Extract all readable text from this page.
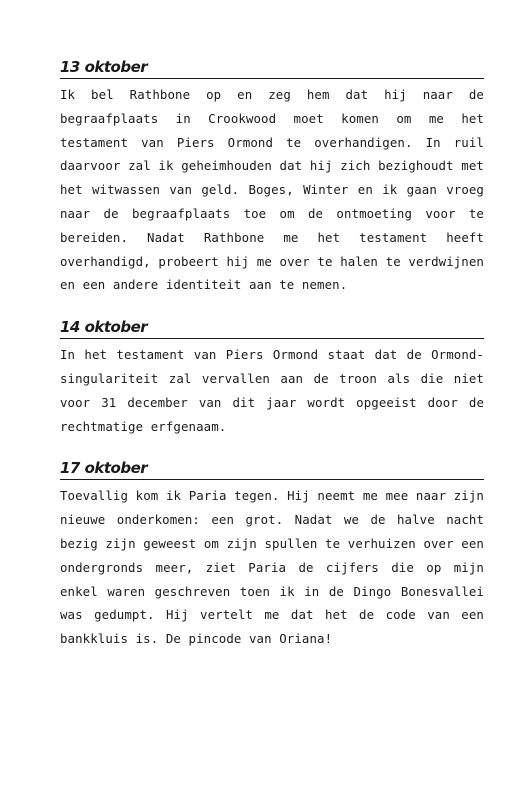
13 oktober

Ik bel Rathbone op en zeg hem dat hij naar de begraafplaats in Crookwood moet komen om me het testament van Piers Ormond te overhandigen. In ruil daarvoor zal ik geheimhouden dat hij zich bezighoudt met het witwassen van geld. Boges, Winter en ik gaan vroeg naar de begraafplaats toe om de ontmoeting voor te bereiden. Nadat Rathbone me het testament heeft overhandigd, probeert hij me over te halen te verdwijnen en een andere identiteit aan te nemen.

14 oktober

In het testament van Piers Ormond staat dat de Ormond-singulariteit zal vervallen aan de troon als die niet voor 31 december van dit jaar wordt opgeeist door de rechtmatige erfgenaam.

17 oktober

Toevallig kom ik Paria tegen. Hij neemt me mee naar zijn nieuwe onderkomen: een grot. Nadat we de halve nacht bezig zijn geweest om zijn spullen te verhuizen over een ondergronds meer, ziet Paria de cijfers die op mijn enkel waren geschreven toen ik in de Dingo Bonesvallei was gedumpt. Hij vertelt me dat het de code van een bankkluis is. De pincode van Oriana!
